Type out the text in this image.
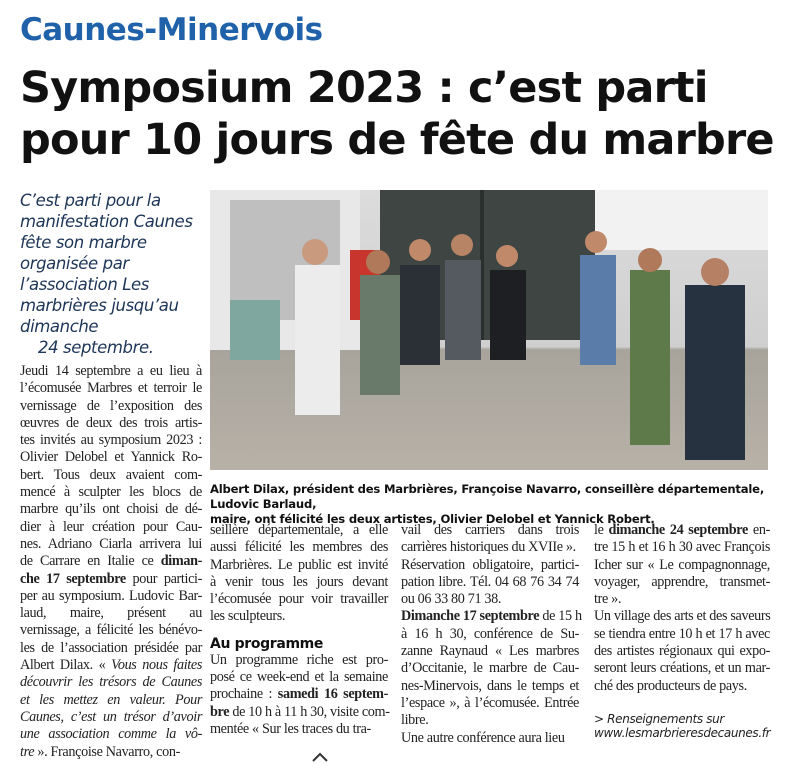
Caunes-Minervois
Symposium 2023 : c’est parti
pour 10 jours de fête du marbre
C’est parti pour la
manifestation Caunes
fête son marbre
organisée par
l’association Les
marbrières jusqu’au
dimanche
24 septembre.
Albert Dilax, président des Marbrières, Françoise Navarro, conseillère départementale, Ludovic Barlaud,
maire, ont félicité les deux artistes, Olivier Delobel et Yannick Robert.
Jeudi 14 septembre a eu lieu à
l’écomusée Marbres et terroir le
vernissage de l’exposition des
œuvres de deux des trois artis-
tes invités au symposium 2023 :
Olivier Delobel et Yannick Ro-
bert. Tous deux avaient com-
mencé à sculpter les blocs de
marbre qu’ils ont choisi de dé-
dier à leur création pour Cau-
nes. Adriano Ciarla arrivera lui
de Carrare en Italie ce diman-
che 17 septembre pour partici-
per au symposium. Ludovic Bar-
laud, maire, présent au
vernissage, a félicité les bénévo-
les de l’association présidée par
Albert Dilax. « Vous nous faites
découvrir les trésors de Caunes
et les mettez en valeur. Pour
Caunes, c’est un trésor d’avoir
une association comme la vô-
tre ». Françoise Navarro, con-
seillère départementale, a elle
aussi félicité les membres des
Marbrières. Le public est invité
à venir tous les jours devant
l’écomusée pour voir travailler
les sculpteurs.
Au programme
Un programme riche est pro-
posé ce week-end et la semaine
prochaine : samedi 16 septem-
bre de 10 h à 11 h 30, visite com-
mentée « Sur les traces du tra-
vail des carriers dans trois
carrières historiques du XVIIe ».
Réservation obligatoire, partici-
pation libre. Tél. 04 68 76 34 74
ou 06 33 80 71 38.
Dimanche 17 septembre de 15 h
à 16 h 30, conférence de Su-
zanne Raynaud « Les marbres
d’Occitanie, le marbre de Cau-
nes-Minervois, dans le temps et
l’espace », à l’écomusée. Entrée
libre.
Une autre conférence aura lieu
le dimanche 24 septembre en-
tre 15 h et 16 h 30 avec François
Icher sur « Le compagnonnage,
voyager, apprendre, transmet-
tre ».
Un village des arts et des saveurs
se tiendra entre 10 h et 17 h avec
des artistes régionaux qui expo-
seront leurs créations, et un mar-
ché des producteurs de pays.

> Renseignements sur
www.lesmarbrieresdecaunes.fr
